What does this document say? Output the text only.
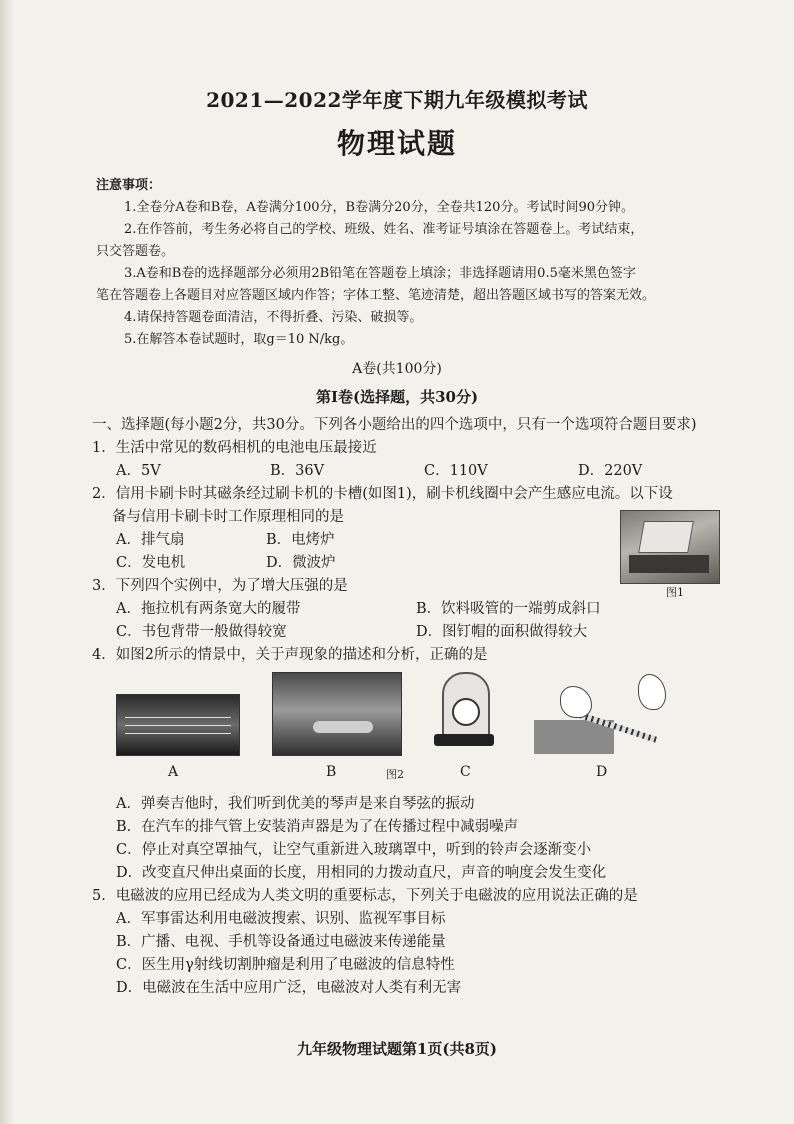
2021—2022学年度下期九年级模拟考试
物理试题
注意事项：
1.全卷分A卷和B卷，A卷满分100分，B卷满分20分，全卷共120分。考试时间90分钟。
2.在作答前，考生务必将自己的学校、班级、姓名、准考证号填涂在答题卷上。考试结束，
只交答题卷。
3.A卷和B卷的选择题部分必须用2B铅笔在答题卷上填涂；非选择题请用0.5毫米黑色签字
笔在答题卷上各题目对应答题区域内作答；字体工整、笔迹清楚，超出答题区域书写的答案无效。
4.请保持答题卷面清洁，不得折叠、污染、破损等。
5.在解答本卷试题时，取g＝10 N/kg。
A卷(共100分)
第Ⅰ卷(选择题，共30分)
一、选择题(每小题2分，共30分。下列各小题给出的四个选项中，只有一个选项符合题目要求)
1．生活中常见的数码相机的电池电压最接近
A．5V	B．36V	C．110V	D．220V
2．信用卡刷卡时其磁条经过刷卡机的卡槽(如图1)，刷卡机线圈中会产生感应电流。以下设
备与信用卡刷卡时工作原理相同的是
A．排气扇	B．电烤炉
C．发电机	D．微波炉
3．下列四个实例中，为了增大压强的是
A．拖拉机有两条宽大的履带	B．饮料吸管的一端剪成斜口
C．书包背带一般做得较宽	D．图钉帽的面积做得较大
4．如图2所示的情景中，关于声现象的描述和分析，正确的是
A．弹奏吉他时，我们听到优美的琴声是来自琴弦的振动
B．在汽车的排气管上安装消声器是为了在传播过程中减弱噪声
C．停止对真空罩抽气，让空气重新进入玻璃罩中，听到的铃声会逐渐变小
D．改变直尺伸出桌面的长度，用相同的力拨动直尺，声音的响度会发生变化
5．电磁波的应用已经成为人类文明的重要标志，下列关于电磁波的应用说法正确的是
A．军事雷达利用电磁波搜索、识别、监视军事目标
B．广播、电视、手机等设备通过电磁波来传递能量
C．医生用γ射线切割肿瘤是利用了电磁波的信息特性
D．电磁波在生活中应用广泛，电磁波对人类有利无害
图1
A	B	图2	C	D
九年级物理试题第1页(共8页)
